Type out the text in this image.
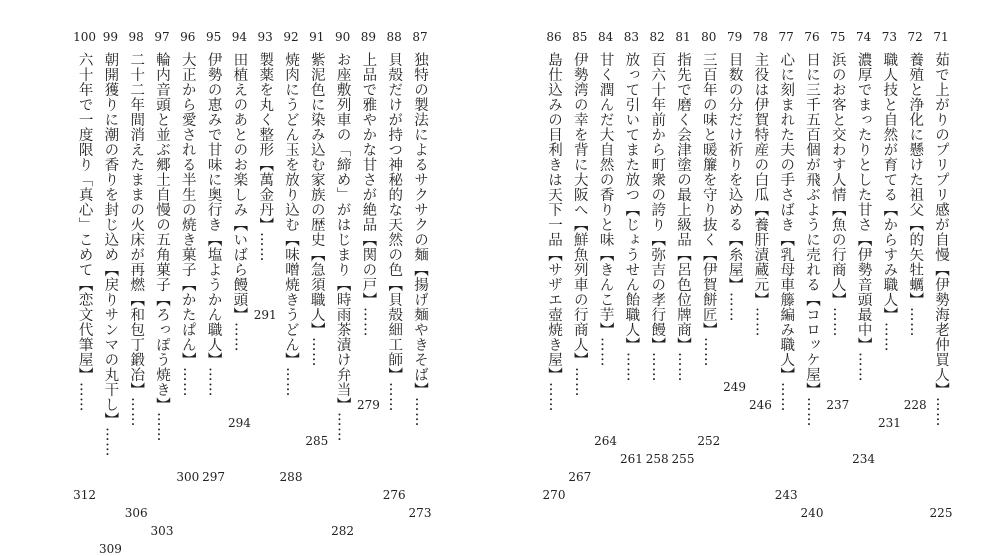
71
茹で上がりのプリプリ感が自慢【伊勢海老仲買人】……
225
72
養殖と浄化に懸けた祖父【的矢牡蠣】……
228
73
職人技と自然が育てる【からすみ職人】……
231
74
濃厚でまったりとした甘さ【伊勢音頭最中】……
234
75
浜のお客と交わす人情【魚の行商人】……
237
76
日に三千五百個が飛ぶように売れる【コロッケ屋】……
240
77
心に刻まれた夫の手さばき【乳母車籐編み職人】……
243
78
主役は伊賀特産の白瓜【養肝漬蔵元】……
246
79
目数の分だけ祈りを込める【糸屋】……
249
80
三百年の味と暖簾を守り抜く【伊賀餅匠】……
252
81
指先で磨く会津塗の最上級品【呂色位牌商】……
255
82
百六十年前から町衆の誇り【弥吉の孝行饅】……
258
83
放って引いてまた放つ【じょうせん飴職人】……
261
84
甘く潤んだ大自然の香りと味【きんこ芋】……
264
85
伊勢湾の幸を背に大阪へ【鮮魚列車の行商人】……
267
86
島仕込みの目利きは天下一品【サザエ壺焼き屋】……
270
87
独特の製法によるサクサクの麺【揚げ麺やきそば】……
273
88
貝殻だけが持つ神秘的な天然の色【貝殻細工師】……
276
89
上品で雅やかな甘さが絶品【関の戸】……
279
90
お座敷列車の「締め」がはじまり【時雨茶漬け弁当】……
282
91
紫泥色に染み込む家族の歴史【急須職人】……
285
92
焼肉にうどん玉を放り込む【味噌焼きうどん】……
288
93
製薬を丸く整形【萬金丹】……
291
94
田植えのあとのお楽しみ【いばら饅頭】……
294
95
伊勢の恵みで甘味に奥行き【塩ようかん職人】……
297
96
大正から愛される半生の焼き菓子【かたぱん】……
300
97
輪内音頭と並ぶ郷土自慢の五角菓子【ろっぽう焼き】……
303
98
二十二年間消えたままの火床が再燃【和包丁鍛冶】……
306
99
朝開獲りに潮の香りを封じ込め【戻りサンマの丸干し】……
309
100
六十年で一度限り「真心」こめて【恋文代筆屋】……
312
